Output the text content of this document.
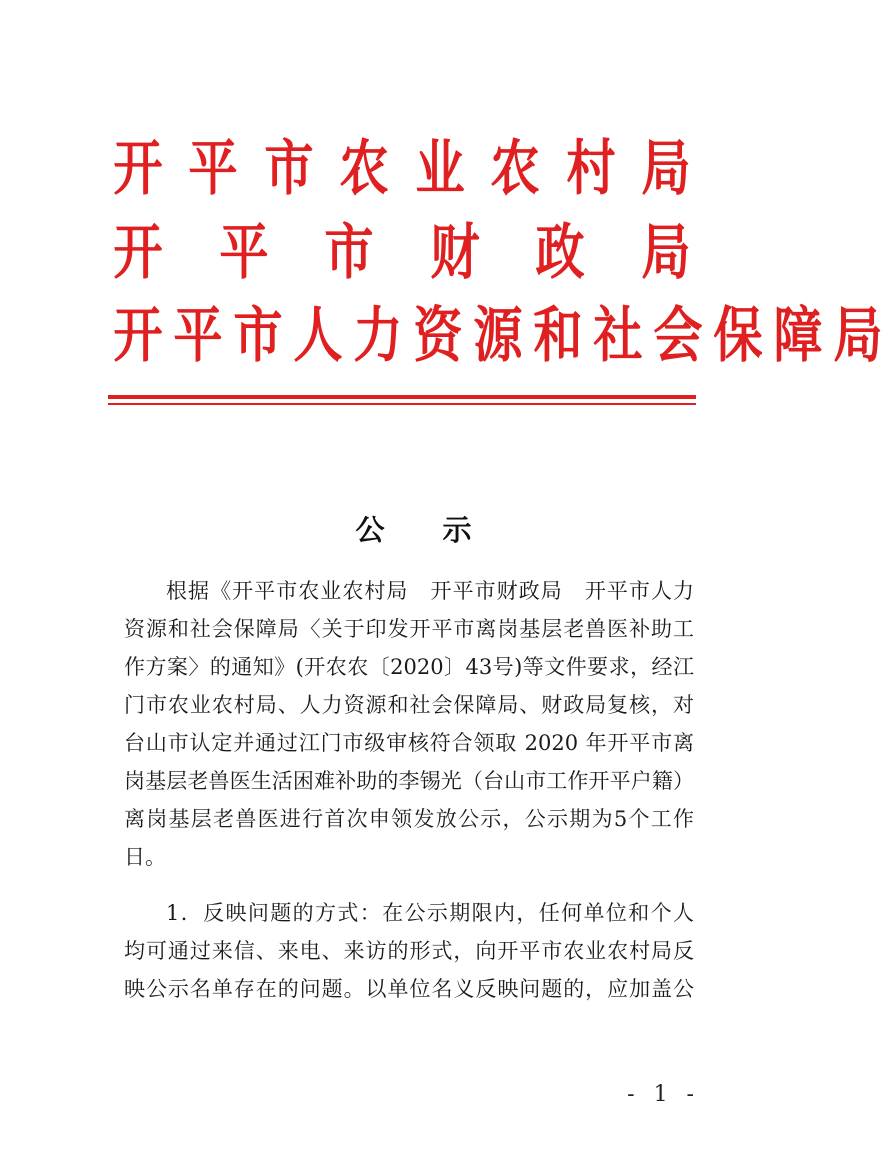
开 平 市 农 业 农 村 局
开 平 市 财 政 局
开 平 市 人 力 资 源 和 社 会 保 障 局
公示
根据《开平市农业农村局　开平市财政局　开平市人力
资源和社会保障局〈关于印发开平市离岗基层老兽医补助工
作方案〉的通知》(开农农〔2020〕43号)等文件要求，经江
门市农业农村局、人力资源和社会保障局、财政局复核，对
台山市认定并通过江门市级审核符合领取 2020 年开平市离
岗基层老兽医生活困难补助的李锡光（台山市工作开平户籍）
离岗基层老兽医进行首次申领发放公示，公示期为5个工作
日。
1．反映问题的方式：在公示期限内，任何单位和个人
均可通过来信、来电、来访的形式，向开平市农业农村局反
映公示名单存在的问题。以单位名义反映问题的，应加盖公
- 1 -
